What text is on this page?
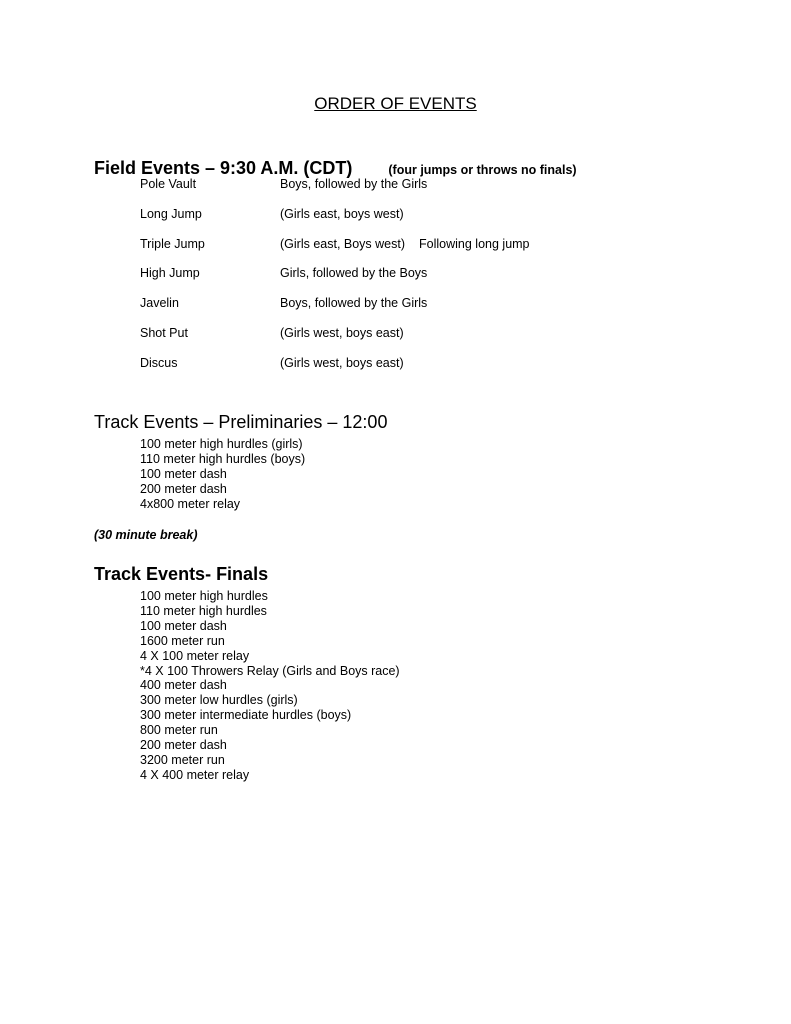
ORDER OF EVENTS
Field Events – 9:30 A.M. (CDT)	(four jumps or throws no finals)
Pole Vault	Boys, followed by the Girls
Long Jump	(Girls east, boys west)
Triple Jump	(Girls east, Boys west) Following long jump
High Jump	Girls, followed by the Boys
Javelin	Boys, followed by the Girls
Shot Put	(Girls west, boys east)
Discus	(Girls west, boys east)
Track Events – Preliminaries – 12:00
100 meter high hurdles (girls)
110 meter high hurdles (boys)
100 meter dash
200 meter dash
4x800 meter relay

(30 minute break)

Track Events- Finals
100 meter high hurdles
110 meter high hurdles
100 meter dash
1600 meter run
4 X 100 meter relay
*4 X 100 Throwers Relay (Girls and Boys race)
400 meter dash
300 meter low hurdles (girls)
300 meter intermediate hurdles (boys)
800 meter run
200 meter dash
3200 meter run
4 X 400 meter relay
